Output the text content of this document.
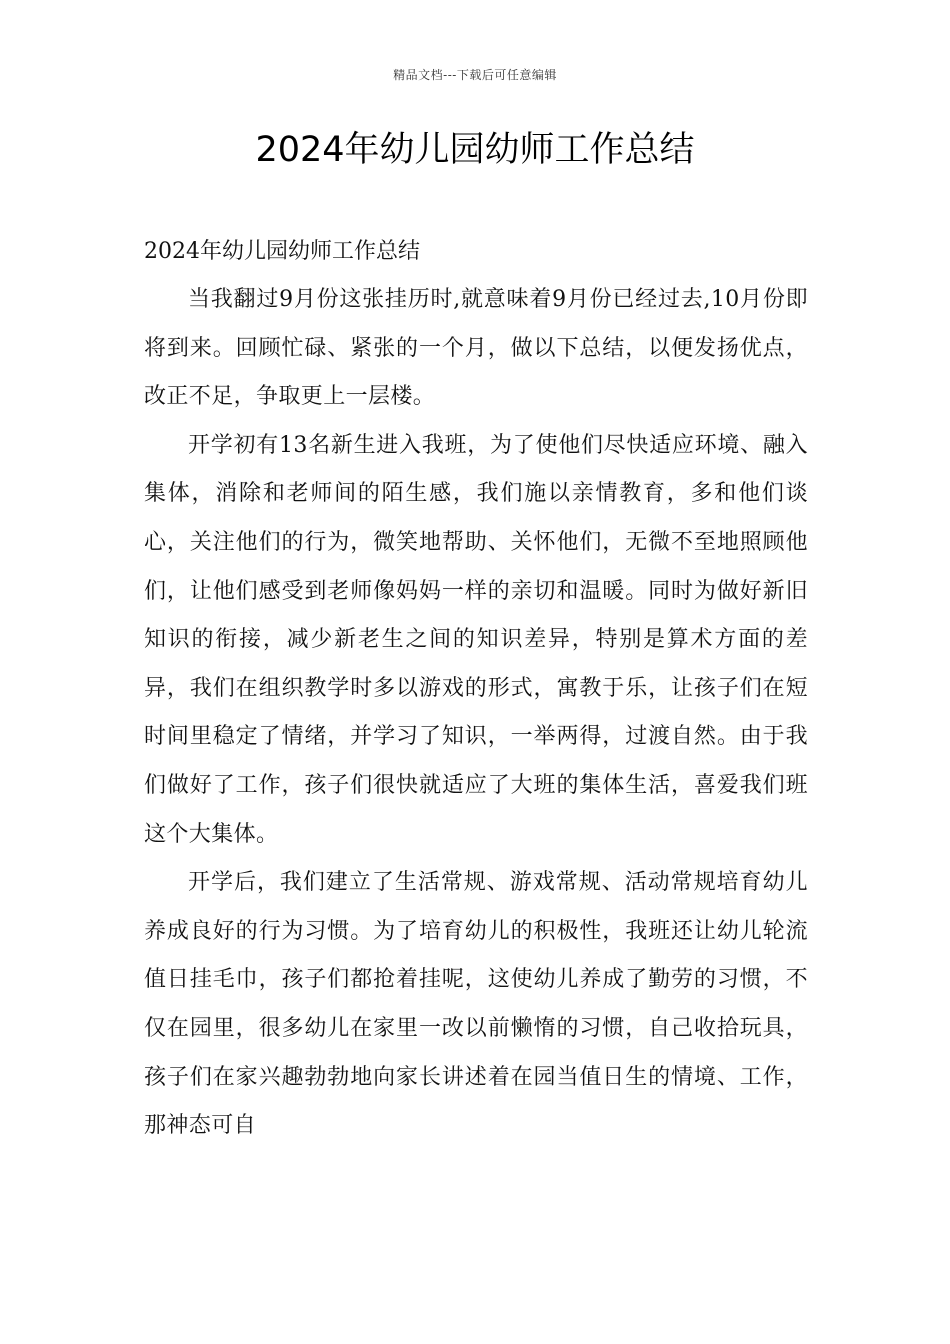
精品文档---下载后可任意编辑
2024年幼儿园幼师工作总结

2024年幼儿园幼师工作总结

当我翻过9月份这张挂历时,就意味着9月份已经过去,10月份即将到来。回顾忙碌、紧张的一个月，做以下总结，以便发扬优点，改正不足，争取更上一层楼。

开学初有13名新生进入我班，为了使他们尽快适应环境、融入集体，消除和老师间的陌生感，我们施以亲情教育，多和他们谈心，关注他们的行为，微笑地帮助、关怀他们，无微不至地照顾他们，让他们感受到老师像妈妈一样的亲切和温暖。同时为做好新旧知识的衔接，减少新老生之间的知识差异，特别是算术方面的差异，我们在组织教学时多以游戏的形式，寓教于乐，让孩子们在短时间里稳定了情绪，并学习了知识，一举两得，过渡自然。由于我们做好了工作，孩子们很快就适应了大班的集体生活，喜爱我们班这个大集体。

开学后，我们建立了生活常规、游戏常规、活动常规培育幼儿养成良好的行为习惯。为了培育幼儿的积极性，我班还让幼儿轮流值日挂毛巾，孩子们都抢着挂呢，这使幼儿养成了勤劳的习惯，不仅在园里，很多幼儿在家里一改以前懒惰的习惯，自己收拾玩具，孩子们在家兴趣勃勃地向家长讲述着在园当值日生的情境、工作，那神态可自
